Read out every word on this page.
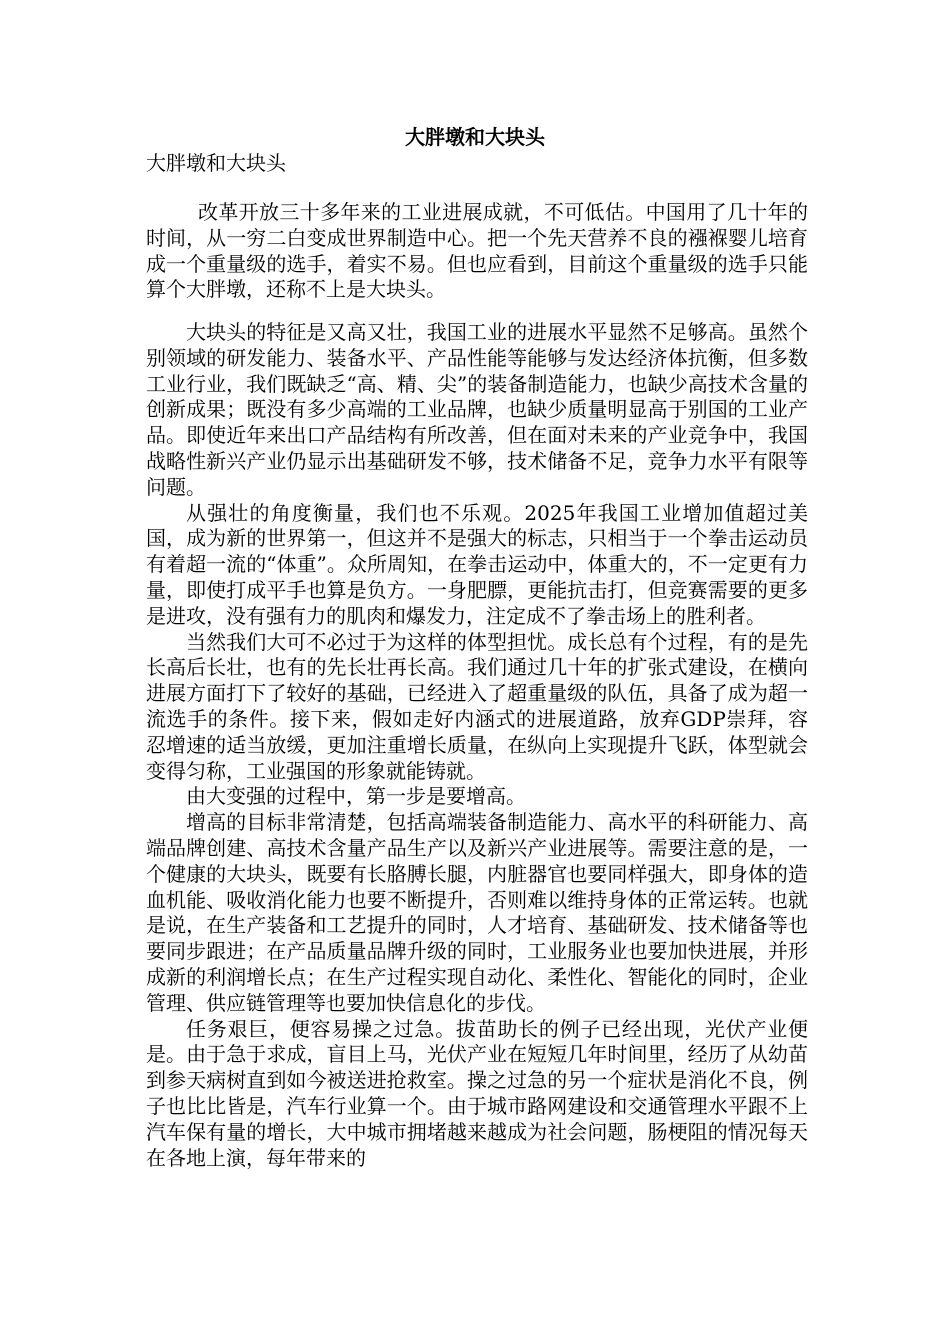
大胖墩和大块头
大胖墩和大块头

改革开放三十多年来的工业进展成就，不可低估。中国用了几十年的时间，从一穷二白变成世界制造中心。把一个先天营养不良的襁褓婴儿培育成一个重量级的选手，着实不易。但也应看到，目前这个重量级的选手只能算个大胖墩，还称不上是大块头。

大块头的特征是又高又壮，我国工业的进展水平显然不足够高。虽然个别领域的研发能力、装备水平、产品性能等能够与发达经济体抗衡，但多数工业行业，我们既缺乏“高、精、尖”的装备制造能力，也缺少高技术含量的创新成果；既没有多少高端的工业品牌，也缺少质量明显高于别国的工业产品。即使近年来出口产品结构有所改善，但在面对未来的产业竞争中，我国战略性新兴产业仍显示出基础研发不够，技术储备不足，竞争力水平有限等问题。

从强壮的角度衡量，我们也不乐观。2025年我国工业增加值超过美国，成为新的世界第一，但这并不是强大的标志，只相当于一个拳击运动员有着超一流的“体重”。众所周知，在拳击运动中，体重大的，不一定更有力量，即使打成平手也算是负方。一身肥膘，更能抗击打，但竞赛需要的更多是进攻，没有强有力的肌肉和爆发力，注定成不了拳击场上的胜利者。

当然我们大可不必过于为这样的体型担忧。成长总有个过程，有的是先长高后长壮，也有的先长壮再长高。我们通过几十年的扩张式建设，在横向进展方面打下了较好的基础，已经进入了超重量级的队伍，具备了成为超一流选手的条件。接下来，假如走好内涵式的进展道路，放弃GDP崇拜，容忍增速的适当放缓，更加注重增长质量，在纵向上实现提升飞跃，体型就会变得匀称，工业强国的形象就能铸就。

由大变强的过程中，第一步是要增高。

增高的目标非常清楚，包括高端装备制造能力、高水平的科研能力、高端品牌创建、高技术含量产品生产以及新兴产业进展等。需要注意的是，一个健康的大块头，既要有长胳膊长腿，内脏器官也要同样强大，即身体的造血机能、吸收消化能力也要不断提升，否则难以维持身体的正常运转。也就是说，在生产装备和工艺提升的同时，人才培育、基础研发、技术储备等也要同步跟进；在产品质量品牌升级的同时，工业服务业也要加快进展，并形成新的利润增长点；在生产过程实现自动化、柔性化、智能化的同时，企业管理、供应链管理等也要加快信息化的步伐。

任务艰巨，便容易操之过急。拔苗助长的例子已经出现，光伏产业便是。由于急于求成，盲目上马，光伏产业在短短几年时间里，经历了从幼苗到参天病树直到如今被送进抢救室。操之过急的另一个症状是消化不良，例子也比比皆是，汽车行业算一个。由于城市路网建设和交通管理水平跟不上汽车保有量的增长，大中城市拥堵越来越成为社会问题，肠梗阻的情况每天在各地上演，每年带来的
